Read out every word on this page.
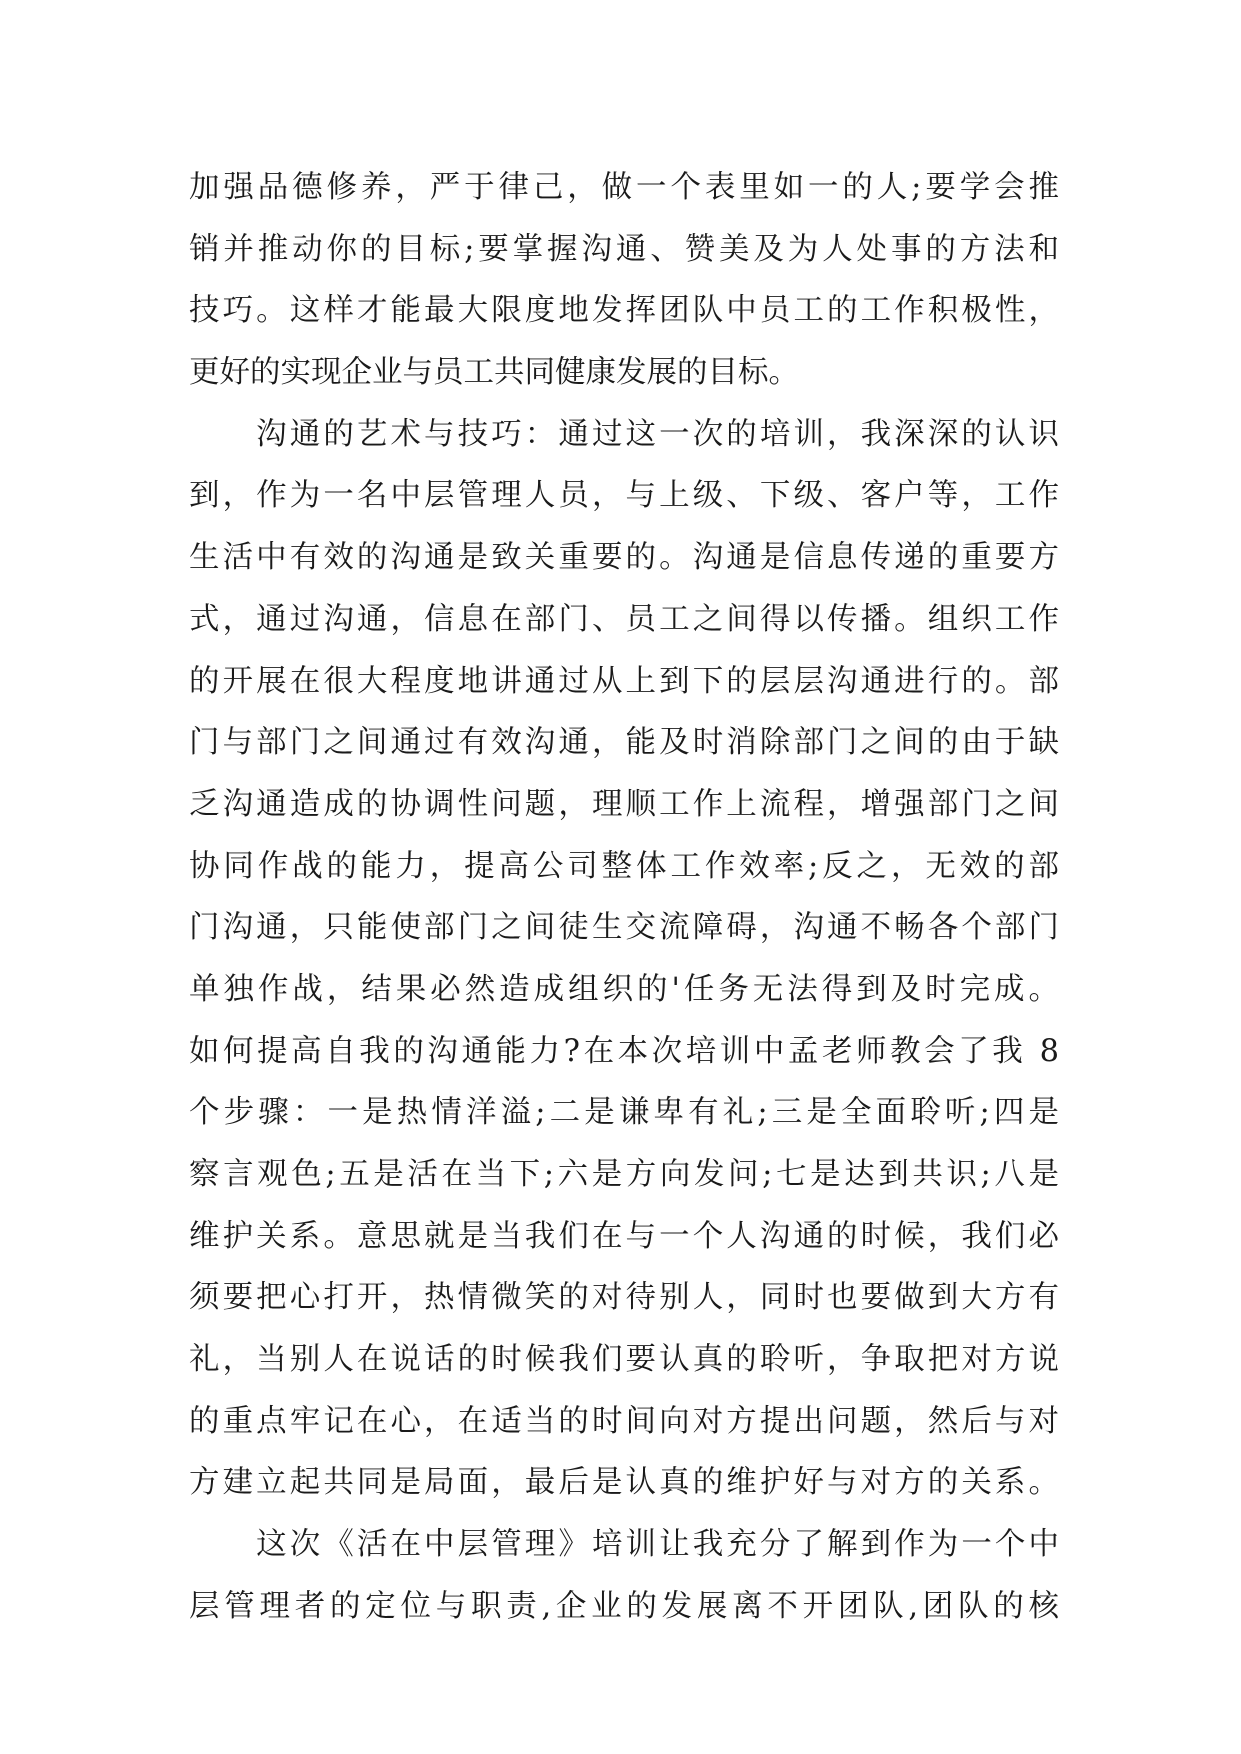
加强品德修养，严于律己，做一个表里如一的人;要学会推
销并推动你的目标;要掌握沟通、赞美及为人处事的方法和
技巧。这样才能最大限度地发挥团队中员工的工作积极性，
更好的实现企业与员工共同健康发展的目标。
　　沟通的艺术与技巧：通过这一次的培训，我深深的认识
到，作为一名中层管理人员，与上级、下级、客户等，工作
生活中有效的沟通是致关重要的。沟通是信息传递的重要方
式，通过沟通，信息在部门、员工之间得以传播。组织工作
的开展在很大程度地讲通过从上到下的层层沟通进行的。部
门与部门之间通过有效沟通，能及时消除部门之间的由于缺
乏沟通造成的协调性问题，理顺工作上流程，增强部门之间
协同作战的能力，提高公司整体工作效率;反之，无效的部
门沟通，只能使部门之间徒生交流障碍，沟通不畅各个部门
单独作战，结果必然造成组织的'任务无法得到及时完成。
如何提高自我的沟通能力?在本次培训中孟老师教会了我 8
个步骤：一是热情洋溢;二是谦卑有礼;三是全面聆听;四是
察言观色;五是活在当下;六是方向发问;七是达到共识;八是
维护关系。意思就是当我们在与一个人沟通的时候，我们必
须要把心打开，热情微笑的对待别人，同时也要做到大方有
礼，当别人在说话的时候我们要认真的聆听，争取把对方说
的重点牢记在心，在适当的时间向对方提出问题，然后与对
方建立起共同是局面，最后是认真的维护好与对方的关系。
　　这次《活在中层管理》培训让我充分了解到作为一个中
层管理者的定位与职责,企业的发展离不开团队,团队的核
